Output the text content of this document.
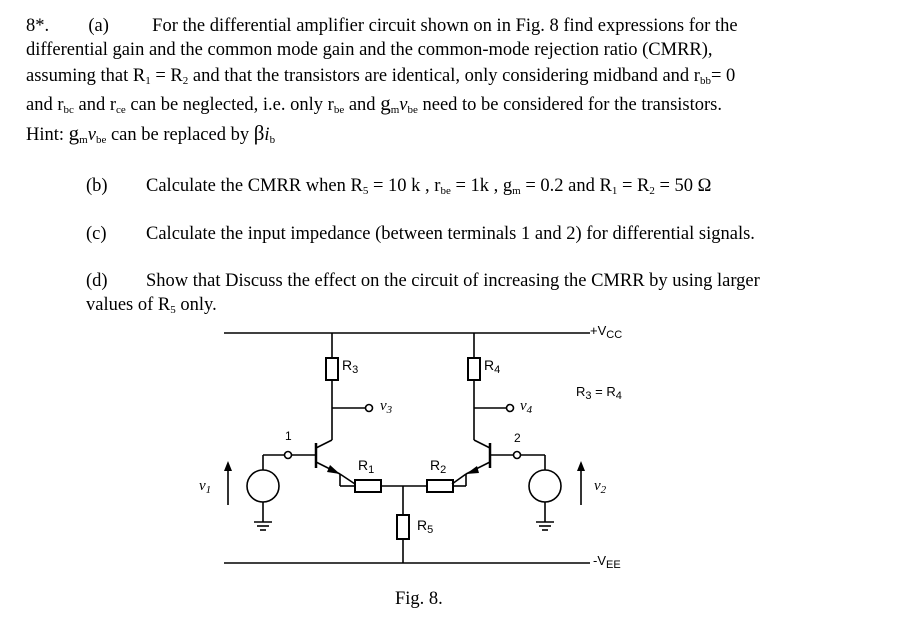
8*. (a) For the differential amplifier circuit shown on in Fig. 8 find expressions for the
differential gain and the common mode gain and the common-mode rejection ratio (CMRR),
assuming that $R_1 = R_2$ and that the transistors are identical, only considering midband and $r_{bb}= 0$
and $r_{bc}$ and $r_{ce}$ can be neglected, i.e. only $r_{be}$ and $g_mv_{be}$ need to be considered for the transistors.
Hint: $g_mv_{be}$ can be replaced by $\beta i_b$
(b) Calculate the CMRR when $R_5 = 10$ k , $r_{be} = 1k$ , $g_m = 0.2$ and $R_1 = R_2 = 50$ Ω
(c) Calculate the input impedance (between terminals 1 and 2) for differential signals.
(d) Show that Discuss the effect on the circuit of increasing the CMRR by using larger
values of $R_5$ only.
$+V_{CC}$
$-V_{EE}$
$R_3$	$R_4$
$R_1$	$R_2$
$R_5$
$R_3 = R_4$
$v_1$	$v_2$
$v_3$	$v_4$
1	2
Fig. 8.
